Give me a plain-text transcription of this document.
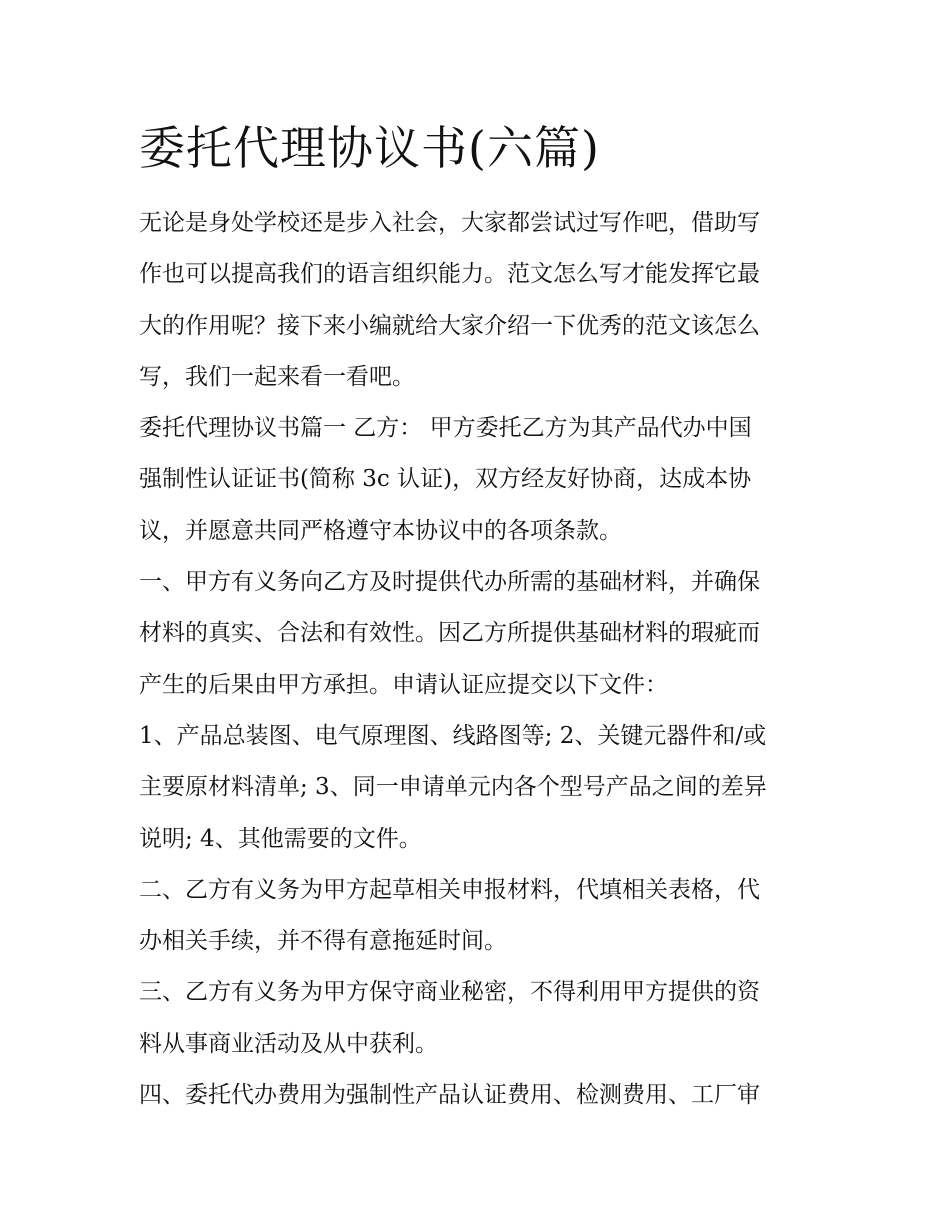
委托代理协议书(六篇)
无论是身处学校还是步入社会，大家都尝试过写作吧，借助写
作也可以提高我们的语言组织能力。范文怎么写才能发挥它最
大的作用呢？接下来小编就给大家介绍一下优秀的范文该怎么
写，我们一起来看一看吧。
委托代理协议书篇一 乙方： 甲方委托乙方为其产品代办中国
强制性认证证书(简称 3c 认证)，双方经友好协商，达成本协
议，并愿意共同严格遵守本协议中的各项条款。
一、甲方有义务向乙方及时提供代办所需的基础材料，并确保
材料的真实、合法和有效性。因乙方所提供基础材料的瑕疵而
产生的后果由甲方承担。申请认证应提交以下文件：
1、产品总装图、电气原理图、线路图等; 2、关键元器件和/或
主要原材料清单; 3、同一申请单元内各个型号产品之间的差异
说明; 4、其他需要的文件。
二、乙方有义务为甲方起草相关申报材料，代填相关表格，代
办相关手续，并不得有意拖延时间。
三、乙方有义务为甲方保守商业秘密，不得利用甲方提供的资
料从事商业活动及从中获利。
四、委托代办费用为强制性产品认证费用、检测费用、工厂审
